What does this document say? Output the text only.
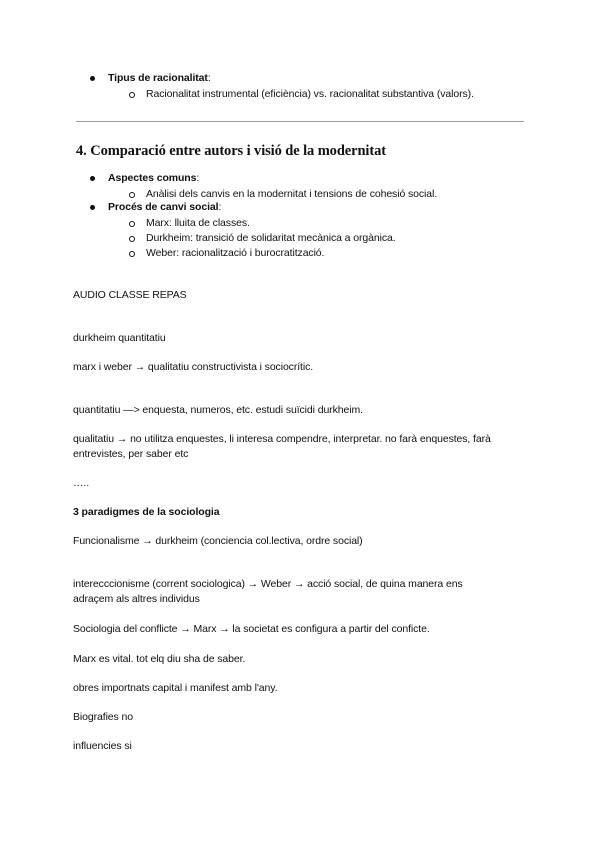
Tipus de racionalitat:
Racionalitat instrumental (eficiència) vs. racionalitat substantiva (valors).
4. Comparació entre autors i visió de la modernitat
Aspectes comuns:
Anàlisi dels canvis en la modernitat i tensions de cohesió social.
Procés de canvi social:
Marx: lluita de classes.
Durkheim: transició de solidaritat mecànica a orgànica.
Weber: racionalització i burocratització.
AUDIO CLASSE REPAS
durkheim quantitatiu
marx i weber → qualitatiu constructivista i sociocrític.
quantitatiu —> enquesta, numeros, etc. estudi suïcidi durkheim.
qualitatiu → no utilitza enquestes, li interesa compendre, interpretar. no farà enquestes, farà
entrevistes, per saber etc
…..
3 paradigmes de la sociologia
Funcionalisme → durkheim (conciencia col.lectiva, ordre social)
interecccionisme (corrent sociologica) → Weber → acció social, de quina manera ens
adraçem als altres individus
Sociologia del conflicte → Marx → la societat es configura a partir del conficte.
Marx es vital. tot elq diu sha de saber.
obres importnats capital i manifest amb l'any.
Biografies no
influencies si
